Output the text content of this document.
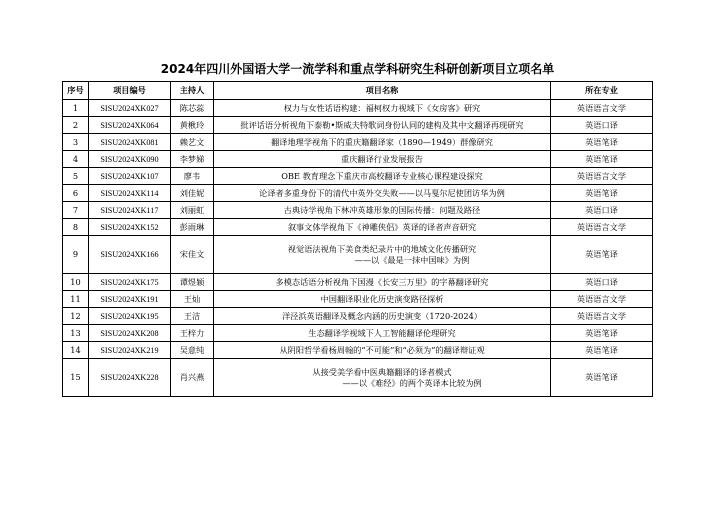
2024年四川外国语大学一流学科和重点学科研究生科研创新项目立项名单
序号	项目编号	主持人	项目名称	所在专业
1	SISU2024XK027	陈芯蕊	权力与女性话语构建：福柯权力视域下《女房客》研究	英语语言文学
2	SISU2024XK064	黄楸玲	批评话语分析视角下泰勒•斯威夫特歌词身份认同的建构及其中文翻译再现研究	英语口译
3	SISU2024XK081	赖艺文	翻译地理学视角下的重庆籍翻译家（1890—1949）群像研究	英语笔译
4	SISU2024XK090	李梦娣	重庆翻译行业发展报告	英语笔译
5	SISU2024XK107	廖韦	OBE 教育理念下重庆市高校翻译专业核心课程建设探究	英语语言文学
6	SISU2024XK114	刘佳妮	论译者多重身份下的清代中英外交失败——以马戛尔尼使团访华为例	英语笔译
7	SISU2024XK117	刘丽虹	古典诗学视角下林冲英雄形象的国际传播：问题及路径	英语口译
8	SISU2024XK152	彭雨琳	叙事文体学视角下《神雕侠侣》英译的译者声音研究	英语语言文学
9	SISU2024XK166	宋佳文	视觉语法视角下美食类纪录片中的地域文化传播研究
——以《最是一抹中国味》为例	英语笔译
10	SISU2024XK175	谭煜颖	多模态话语分析视角下国漫《长安三万里》的字幕翻译研究	英语口译
11	SISU2024XK191	王灿	中国翻译职业化历史演变路径探析	英语语言文学
12	SISU2024XK195	王洁	洋泾浜英语翻译及概念内涵的历史演变（1720-2024）	英语语言文学
13	SISU2024XK208	王梓力	生态翻译学视域下人工智能翻译伦理研究	英语笔译
14	SISU2024XK219	吴意纯	从阴阳哲学看杨周翰的“不可能”和“必须为”的翻译辩证观	英语笔译
15	SISU2024XK228	肖兴燕	从接受美学看中医典籍翻译的译者模式
——以《难经》的两个英译本比较为例	英语笔译
